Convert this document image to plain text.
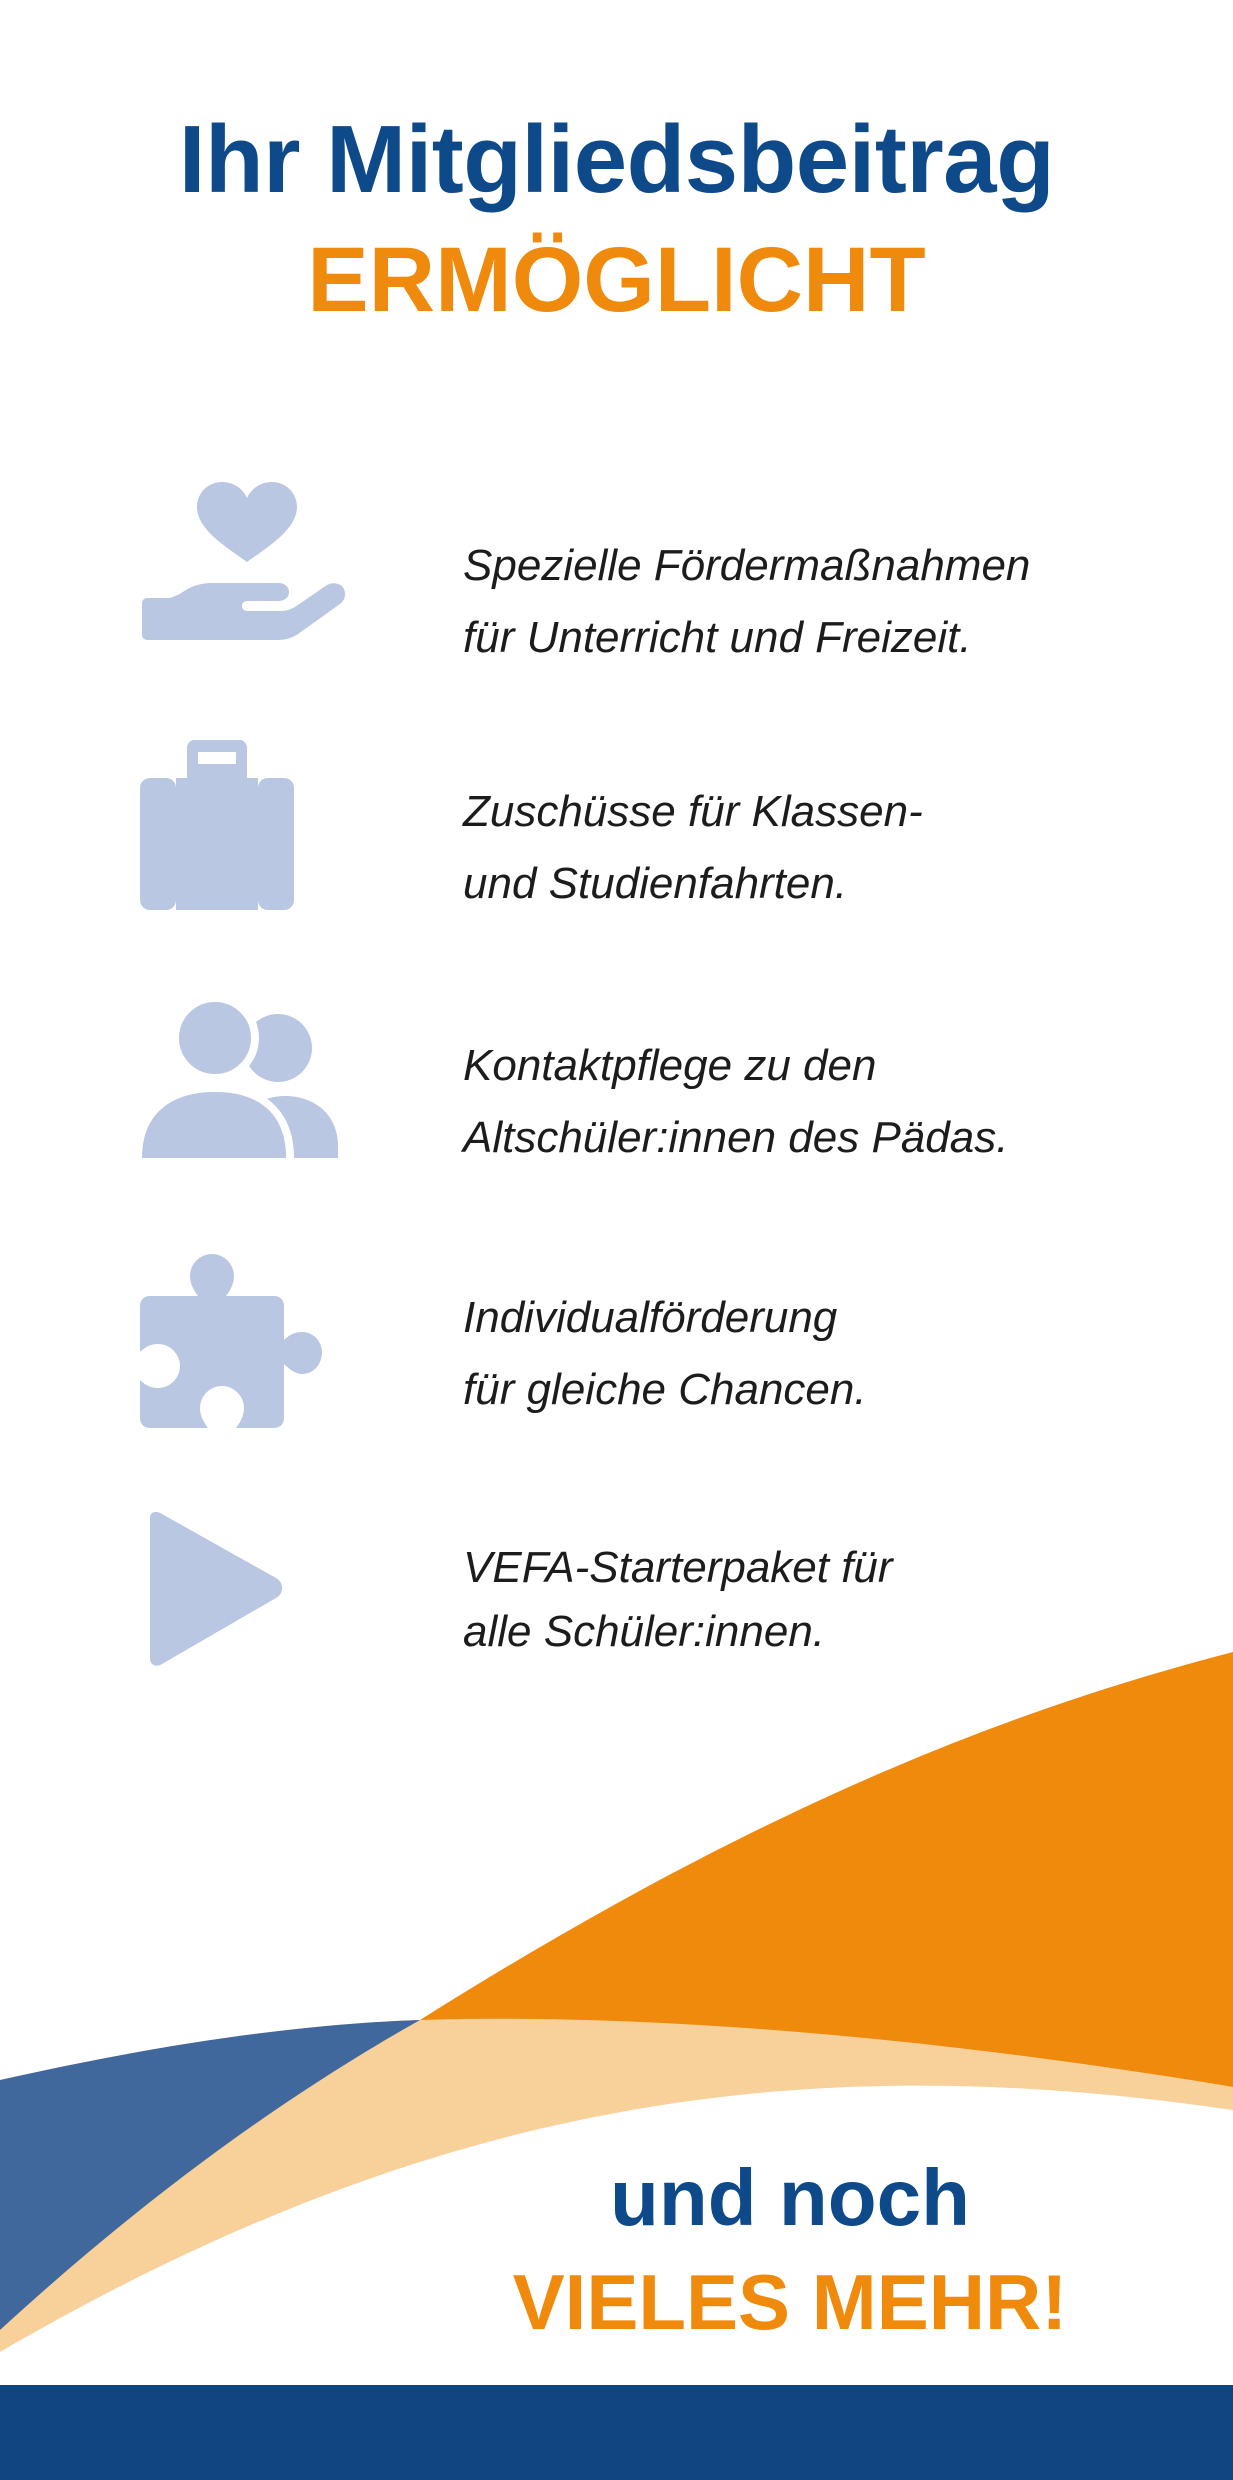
Ihr Mitgliedsbeitrag
ERMÖGLICHT
Spezielle Fördermaßnahmen
für Unterricht und Freizeit.
Zuschüsse für Klassen-
und Studienfahrten.
Kontaktpflege zu den
Altschüler:innen des Pädas.
Individualförderung
für gleiche Chancen.
VEFA-Starterpaket für
alle Schüler:innen.

und noch

VIELES MEHR!
